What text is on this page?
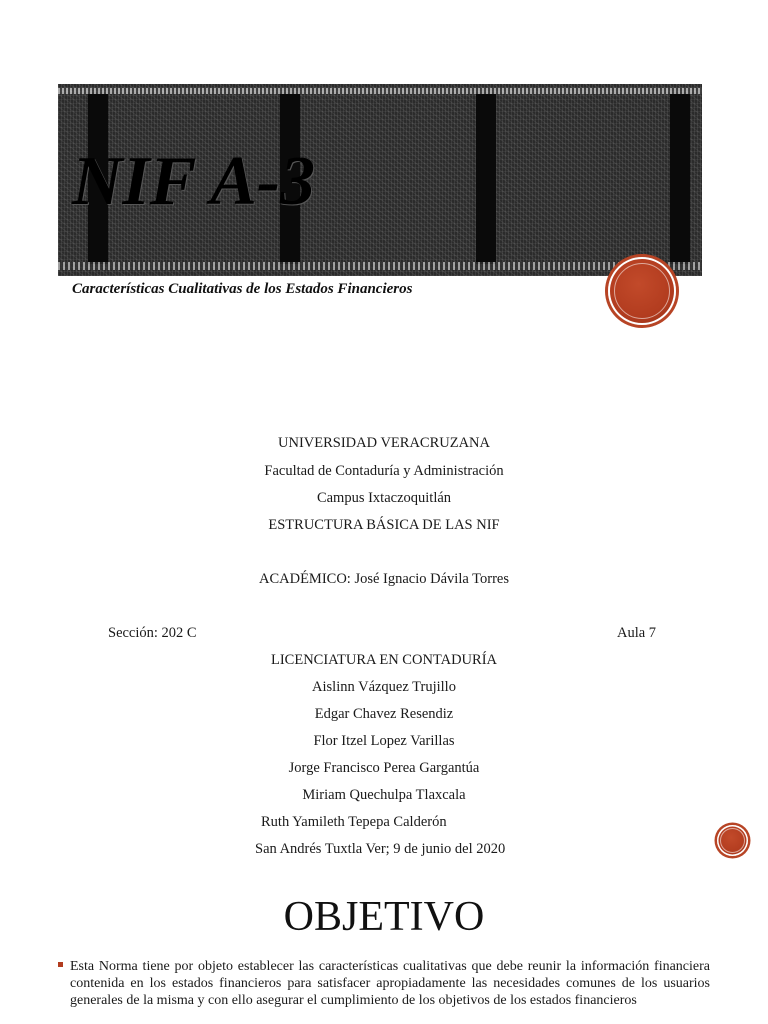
NIF A-3
Características Cualitativas de los Estados Financieros
UNIVERSIDAD VERACRUZANA
Facultad de Contaduría y Administración
Campus Ixtaczoquitlán
ESTRUCTURA BÁSICA DE LAS NIF
ACADÉMICO: José Ignacio Dávila Torres
Sección: 202 C	Aula 7
LICENCIATURA EN CONTADURÍA
Aislinn Vázquez Trujillo
Edgar Chavez Resendiz
Flor Itzel Lopez Varillas
Jorge Francisco Perea Gargantúa
Miriam Quechulpa Tlaxcala
Ruth Yamileth Tepepa Calderón
San Andrés Tuxtla Ver; 9 de junio del 2020
OBJETIVO
Esta Norma tiene por objeto establecer las características cualitativas que debe reunir la información financiera contenida en los estados financieros para satisfacer apropiadamente las necesidades comunes de los usuarios generales de la misma y con ello asegurar el cumplimiento de los objetivos de los estados financieros
